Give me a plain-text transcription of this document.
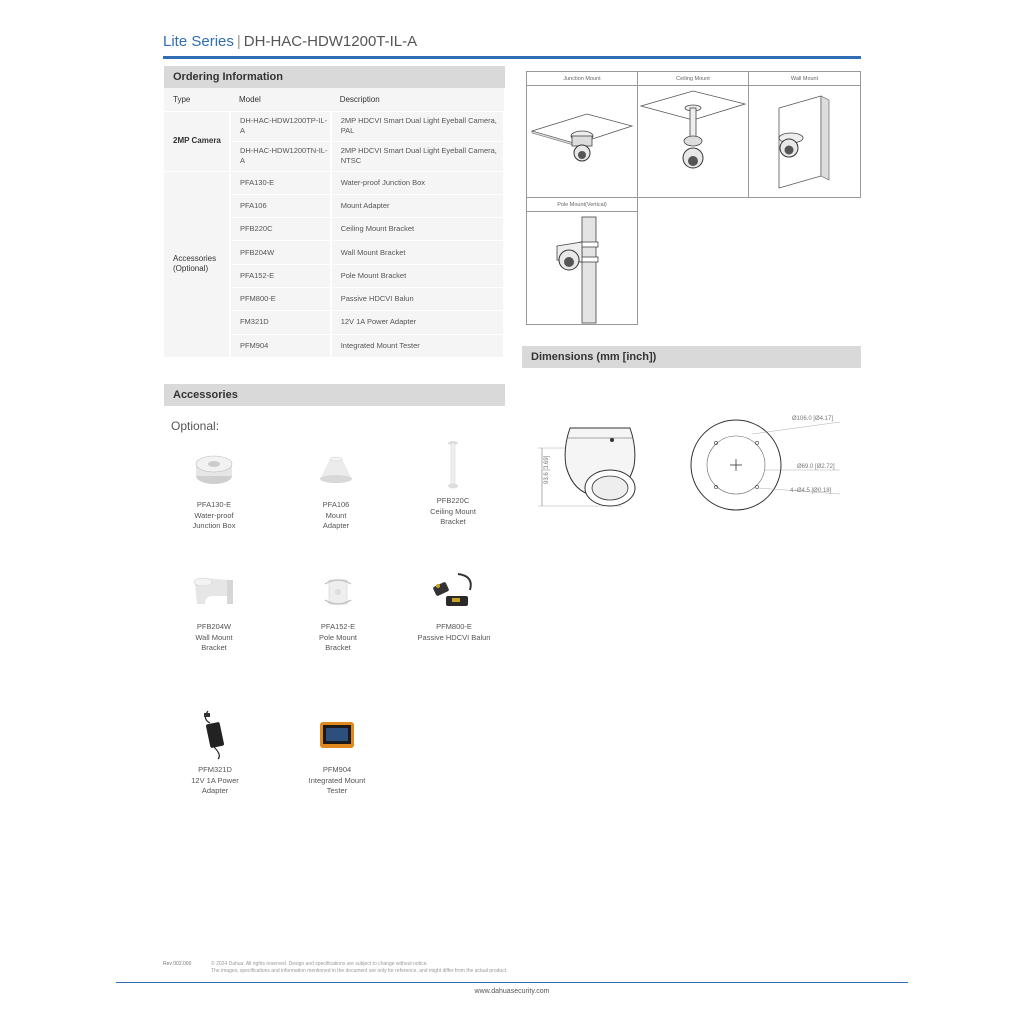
Lite Series | DH-HAC-HDW1200T-IL-A
Ordering Information
Type	Model	Description
2MP Camera	DH-HAC-HDW1200TP-IL-A	2MP HDCVI Smart Dual Light Eyeball Camera, PAL
	DH-HAC-HDW1200TN-IL-A	2MP HDCVI Smart Dual Light Eyeball Camera, NTSC
Accessories (Optional)	PFA130-E	Water-proof Junction Box
	PFA106	Mount Adapter
	PFB220C	Ceiling Mount Bracket
	PFB204W	Wall Mount Bracket
	PFA152-E	Pole Mount Bracket
	PFM800-E	Passive HDCVI Balun
	FM321D	12V 1A Power Adapter
	PFM904	Integrated Mount Tester
Junction Mount	Ceiling Mount	Wall Mount
Pole Mount(Vertical)
Dimensions (mm [inch])
93.6 [3.69]
Ø106.0 [Ø4.17]
Ø69.0 [Ø2.72]
4−Ø4.5 [Ø0.18]
Accessories
Optional:
PFA130-E
Water-proof
Junction Box
PFA106
Mount
Adapter
PFB220C
Ceiling Mount
Bracket
PFB204W
Wall Mount
Bracket
PFA152-E
Pole Mount
Bracket
PFM800-E
Passive HDCVI Balun
PFM321D
12V 1A Power
Adapter
PFM904
Integrated Mount
Tester
Rev 002.000	© 2024 Dahua. All rights reserved. Design and specifications are subject to change without notice.
The images, specifications and information mentioned in the document are only for reference, and might differ from the actual product.
www.dahuasecurity.com
